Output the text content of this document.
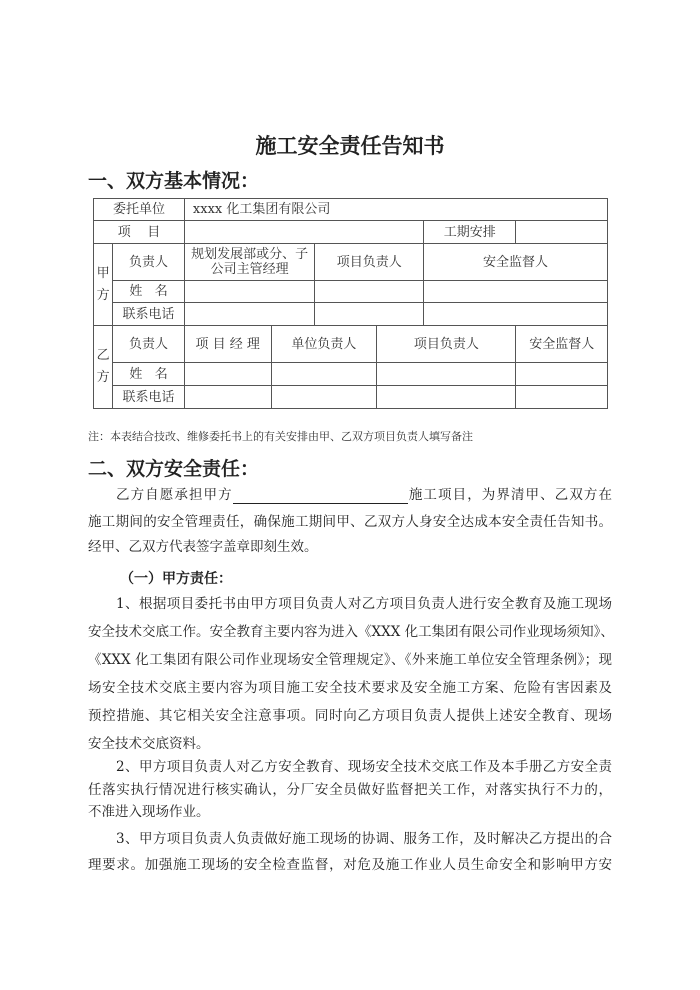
施工安全责任告知书
一、双方基本情况：
委托单位		xxxx 化工集团有限公司					
项    目						工期安排	
甲方	负责人	规划发展部或分、子公司主管经理		项目负责人		安全监督人	
	姓   名						
	联系电话						
乙方	负责人	项 目 经 理	单位负责人		项目负责人		安全监督人
	姓   名						
	联系电话						
注：本表结合技改、维修委托书上的有关安排由甲、乙双方项目负责人填写备注
二、双方安全责任：
乙方自愿承担甲方	施工项目，为界清甲、乙双方在
施工期间的安全管理责任，确保施工期间甲、乙双方人身安全达成本安全责任告知书。
经甲、乙双方代表签字盖章即刻生效。
（一）甲方责任：
1、根据项目委托书由甲方项目负责人对乙方项目负责人进行安全教育及施工现场
安全技术交底工作。安全教育主要内容为进入《XXX 化工集团有限公司作业现场须知》、
《XXX 化工集团有限公司作业现场安全管理规定》、《外来施工单位安全管理条例》；现
场安全技术交底主要内容为项目施工安全技术要求及安全施工方案、危险有害因素及
预控措施、其它相关安全注意事项。同时向乙方项目负责人提供上述安全教育、现场
安全技术交底资料。
2、甲方项目负责人对乙方安全教育、现场安全技术交底工作及本手册乙方安全责
任落实执行情况进行核实确认，分厂安全员做好监督把关工作，对落实执行不力的，
不准进入现场作业。
3、甲方项目负责人负责做好施工现场的协调、服务工作，及时解决乙方提出的合
理要求。加强施工现场的安全检查监督，对危及施工作业人员生命安全和影响甲方安
